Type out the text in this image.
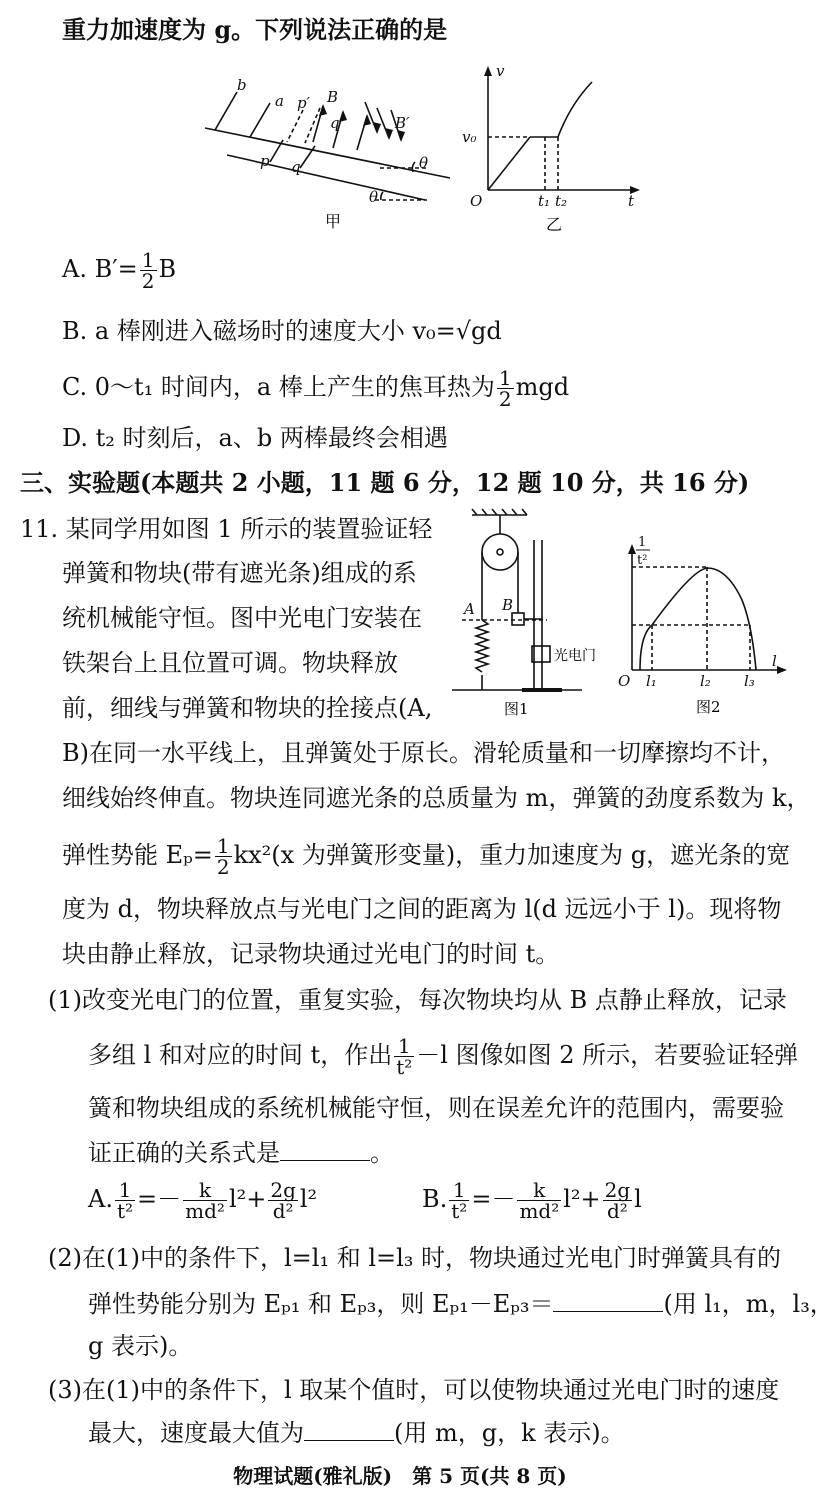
重力加速度为 g。下列说法正确的是
b
a p′ B
q′	B′
p q	θ
θ
甲
v
v₀
O	t₁ t₂	t
乙
A. $B'= \frac{1}{2}$ B
B. a 棒刚进入磁场时的速度大小 v₀=√gd
C. 0～t₁ 时间内，a 棒上产生的焦耳热为 $\frac{1}{2}$ mgd
D. t₂ 时刻后，a、b 两棒最终会相遇
三、实验题(本题共 2 小题，11 题 6 分，12 题 10 分，共 16 分)
11. 某同学用如图 1 所示的装置验证轻
弹簧和物块(带有遮光条)组成的系
统机械能守恒。图中光电门安装在
铁架台上且位置可调。物块释放
前，细线与弹簧和物块的拴接点(A,
A B
光电门
图1
1
t²
l
O l₁	l₂ l₃
图2
B)在同一水平线上，且弹簧处于原长。滑轮质量和一切摩擦均不计，
细线始终伸直。物块连同遮光条的总质量为 m，弹簧的劲度系数为 k，
弹性势能 $E_p= \frac{1}{2} kx^2(x$ 为弹簧形变量)，重力加速度为 g，遮光条的宽
度为 d，物块释放点与光电门之间的距离为 l(d 远远小于 l)。现将物
块由静止释放，记录物块通过光电门的时间 t。
(1)改变光电门的位置，重复实验，每次物块均从 B 点静止释放，记录
多组 l 和对应的时间 t，作出 $\frac{1}{\text{t²}} -l$ 图像如图 2 所示，若要验证轻弹
簧和物块组成的系统机械能守恒，则在误差允许的范围内，需要验
证正确的关系式是	。
A. $\frac{1}{\text{t²}} =- \frac{k}{\text{md²}} l^2+ \frac{2g}{\text{d²}} l^2$	B. $\frac{1}{\text{t²}} =- \frac{k}{\text{md²}} l^2+ \frac{2g}{\text{d²}}$ l
(2)在(1)中的条件下，l=l₁ 和 l=l₃ 时，物块通过光电门时弹簧具有的
弹性势能分别为 Eₚ₁ 和 Eₚ₃，则 Eₚ₁－Eₚ₃＝	(用 l₁，m，l₃，
g 表示)。
(3)在(1)中的条件下，l 取某个值时，可以使物块通过光电门时的速度
最大，速度最大值为	(用 m，g，k 表示)。
物理试题(雅礼版)　第 5 页(共 8 页)
